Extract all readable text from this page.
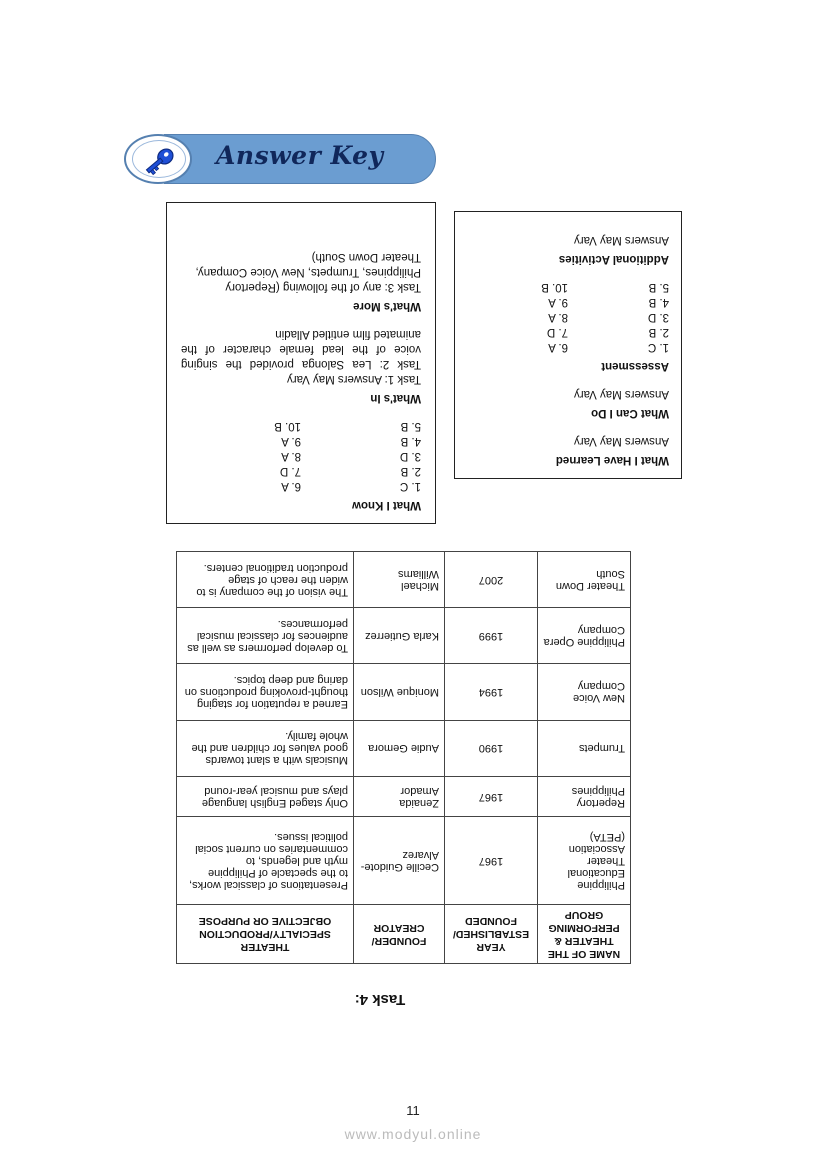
Answer Key
What I Know
1. C
2. B
3. D
4. B
5. B
6. A
7. D
8. A
9. A
10. B
What's In
Task 1: Answers May Vary
Task 2: Lea Salonga provided the singing voice of the lead female character of the animated film entitled Alladin
What's More
Task 3: any of the following (Repertory Philippines, Trumpets, New Voice Company, Theater Down South)
What I Have Learned
Answers May Vary
What Can I Do
Answers May Vary
Assessment
1. C
2. B
3. D
4. B
5. B
6. A
7. D
8. A
9. A
10. B
Additional Activities
Answers May Vary
NAME OF THE THEATER & PERFORMING GROUP	YEAR ESTABLISHED/ FOUNDED	FOUNDER/ CREATOR	THEATER SPECIALTY/PRODUCTION OBJECTIVE OR PURPOSE
Philippine Educational Theater Association (PETA)	1967	Cecille Guidote-Alvarez	Presentations of classical works, to the spectacle of Philippine myth and legends, to commentaries on current social political issues.
Repertory Philippines	1967	Zenaida Amador	Only staged English language plays and musical year-round
Trumpets	1990	Audie Gemora	Musicals with a slant towards good values for children and the whole family.
New Voice Company	1994	Monique Wilson	Earned a reputation for staging thought-provoking productions on daring and deep topics.
Philippine Opera Company	1999	Karla Gutierrez	To develop performers as well as audiences for classical musical performances.
Theater Down South	2007	Michael Williams	The vision of the company is to widen the reach of stage production traditional centers.
Task 4:
11
www.modyul.online
